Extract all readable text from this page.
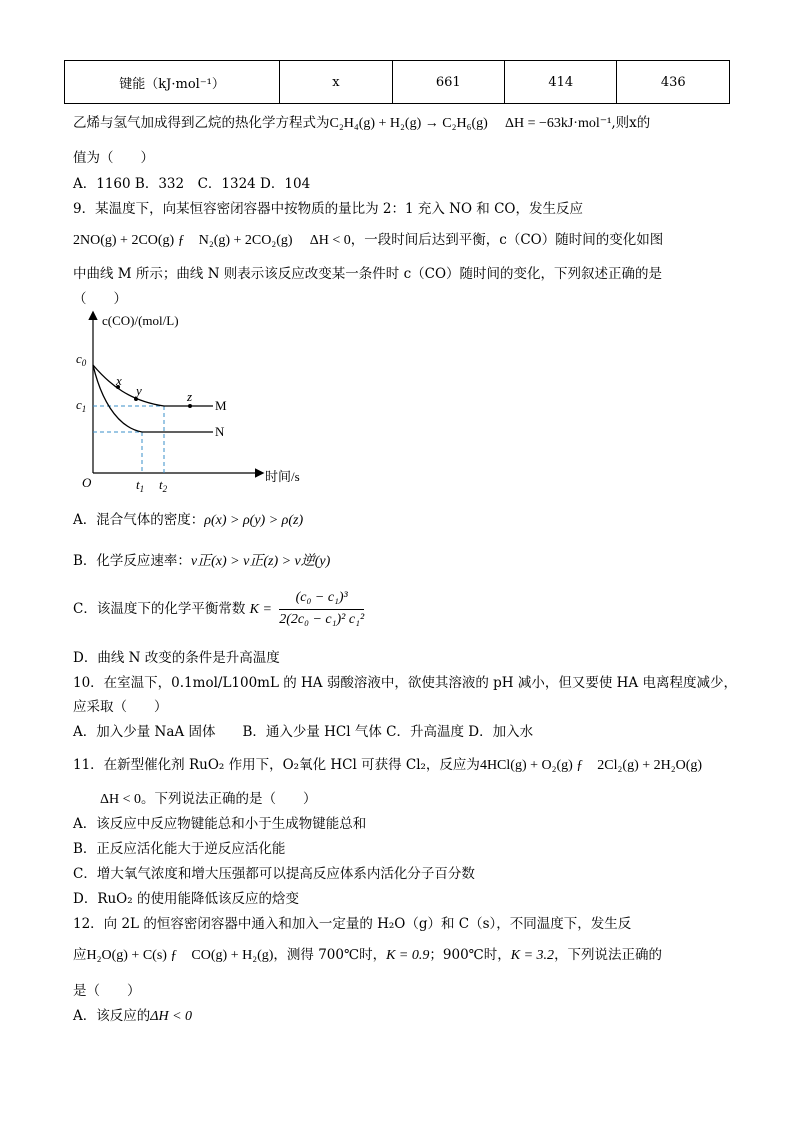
键能（kJ·mol⁻¹）	x	661	414	436
乙烯与氢气加成得到乙烷的热化学方程式为C₂H₄(g) + H₂(g) → C₂H₆(g) ΔH = −63kJ·mol⁻¹,则x的
值为（　　）
A．1160 B．332　C．1324 D．104
9．某温度下，向某恒容密闭容器中按物质的量比为 2：1 充入 NO 和 CO，发生反应
2NO(g) + 2CO(g) ƒ　N₂(g) + 2CO₂(g) ΔH < 0，一段时间后达到平衡，c（CO）随时间的变化如图
中曲线 M 所示；曲线 N 则表示该反应改变某一条件时 c（CO）随时间的变化，下列叙述正确的是
（　　）
c(CO)/(mol/L)
时间/s
O
x
y	z
M
N
$c_0$
$c_1$
$t_1$ $t_2$
A．混合气体的密度：ρ(x) > ρ(y) > ρ(z)
B．化学反应速率：v正(x) > v正(z) > v逆(y)
C．该温度下的化学平衡常数 $K = \frac{\text{(c₀ − c₁)³}}{\text{2(2c₀ − c₁)² c₁²}}$
D．曲线 N 改变的条件是升高温度
10．在室温下，0.1mol/L100mL 的 HA 弱酸溶液中，欲使其溶液的 pH 减小，但又要使 HA 电离程度减少，
应采取（　　）
A．加入少量 NaA 固体　　B．通入少量 HCl 气体 C．升高温度 D．加入水
11．在新型催化剂 RuO₂ 作用下，O₂氧化 HCl 可获得 Cl₂，反应为4HCl(g) + O₂(g) ƒ　2Cl₂(g) + 2H₂O(g)
ΔH < 0。下列说法正确的是（　　）
A．该反应中反应物键能总和小于生成物键能总和
B．正反应活化能大于逆反应活化能
C．增大氧气浓度和增大压强都可以提高反应体系内活化分子百分数
D．RuO₂ 的使用能降低该反应的焓变
12．向 2L 的恒容密闭容器中通入和加入一定量的 H₂O（g）和 C（s），不同温度下，发生反
应H₂O(g) + C(s) ƒ　CO(g) + H₂(g)，测得 700℃时，K = 0.9；900℃时，K = 3.2，下列说法正确的
是（　　）
A．该反应的ΔH < 0
